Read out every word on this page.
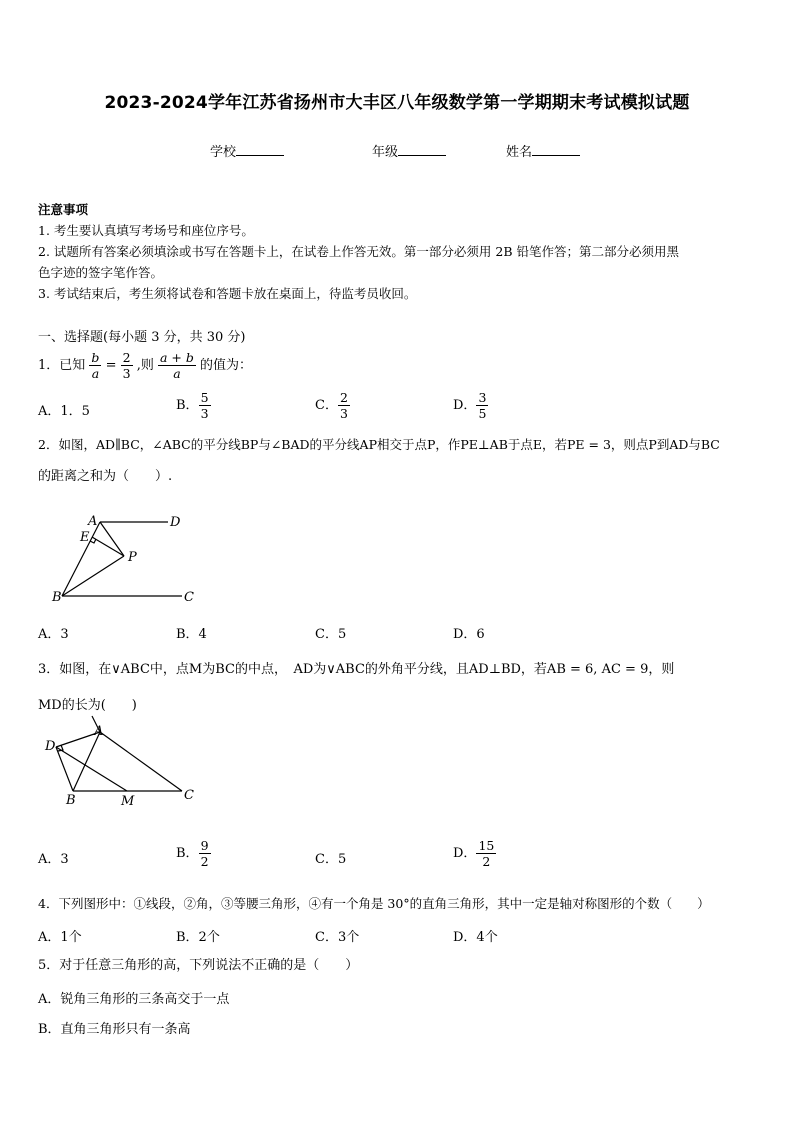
2023-2024学年江苏省扬州市大丰区八年级数学第一学期期末考试模拟试题
学校	年级	姓名
注意事项
1. 考生要认真填写考场号和座位序号。
2. 试题所有答案必须填涂或书写在答题卡上，在试卷上作答无效。第一部分必须用 2B 铅笔作答；第二部分必须用黑
色字迹的签字笔作答。
3. 考试结束后，考生须将试卷和答题卡放在桌面上，待监考员收回。
一、选择题(每小题 3 分，共 30 分)
1．已知 $\frac{b}{a} = \frac{2}{3}$ ,则 $\frac{a + b}{a}$ 的值为：
A．1．5	B． $\frac{5}{3}$	C． $\frac{2}{3}$	D． $\frac{3}{5}$
2．如图，AD∥BC，∠ABC的平分线BP与∠BAD的平分线AP相交于点P，作PE⊥AB于点E，若PE = 3，则点P到AD与BC
的距离之和为（　　）.
A	D
E
P
B	C
A．3	B．4	C．5	D．6
3．如图，在∨ABC中，点M为BC的中点，　AD为∨ABC的外角平分线，且AD⊥BD，若AB = 6, AC = 9，则
MD的长为(　　)
A
D
B	M	C
A．3	B． $\frac{9}{2}$	C．5	D． $\frac{15}{2}$
4．下列图形中：①线段，②角，③等腰三角形，④有一个角是 30°的直角三角形，其中一定是轴对称图形的个数（　　）
A．1个	B．2个	C．3个	D．4个
5．对于任意三角形的高，下列说法不正确的是（　　）
A．锐角三角形的三条高交于一点
B．直角三角形只有一条高
